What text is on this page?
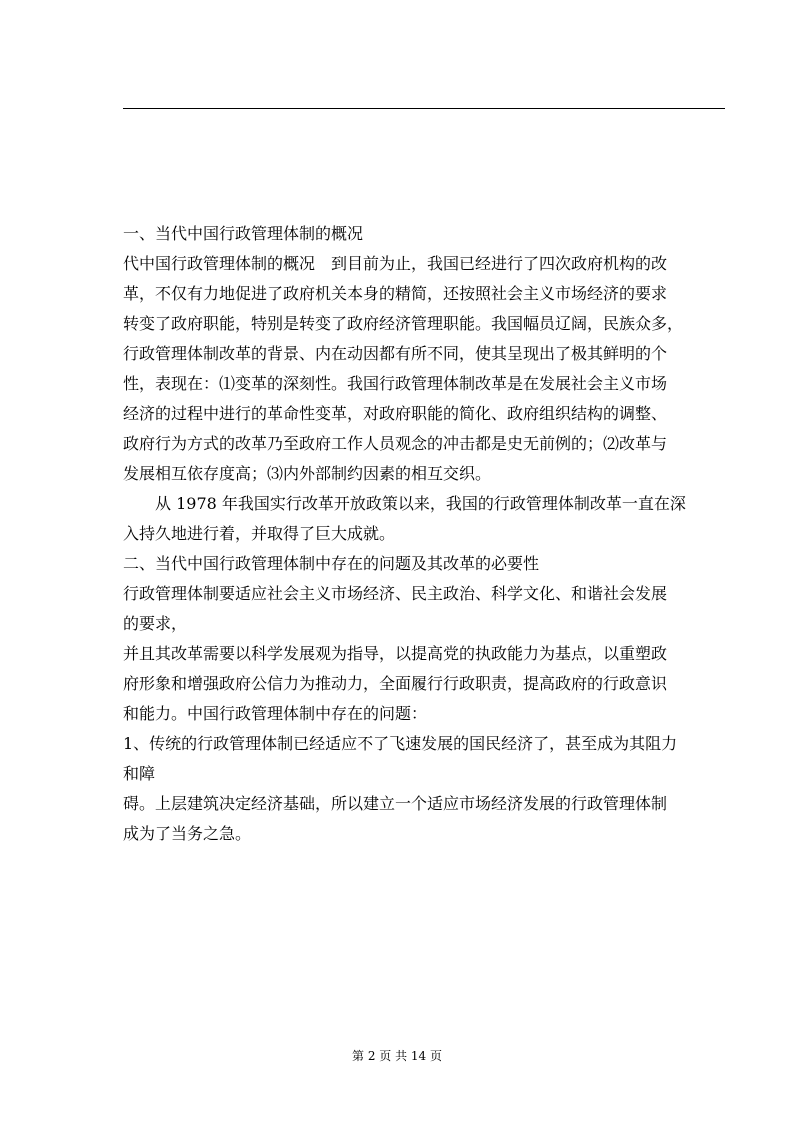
一、当代中国行政管理体制的概况
代中国行政管理体制的概况　到目前为止，我国已经进行了四次政府机构的改
革，不仅有力地促进了政府机关本身的精简，还按照社会主义市场经济的要求
转变了政府职能，特别是转变了政府经济管理职能。我国幅员辽阔，民族众多，
行政管理体制改革的背景、内在动因都有所不同，使其呈现出了极其鲜明的个
性，表现在：⑴变革的深刻性。我国行政管理体制改革是在发展社会主义市场
经济的过程中进行的革命性变革，对政府职能的简化、政府组织结构的调整、
政府行为方式的改革乃至政府工作人员观念的冲击都是史无前例的；⑵改革与
发展相互依存度高；⑶内外部制约因素的相互交织。
从 1978 年我国实行改革开放政策以来，我国的行政管理体制改革一直在深
入持久地进行着，并取得了巨大成就。
二、当代中国行政管理体制中存在的问题及其改革的必要性
行政管理体制要适应社会主义市场经济、民主政治、科学文化、和谐社会发展
的要求，
并且其改革需要以科学发展观为指导，以提高党的执政能力为基点，以重塑政
府形象和增强政府公信力为推动力，全面履行行政职责，提高政府的行政意识
和能力。中国行政管理体制中存在的问题：
1、传统的行政管理体制已经适应不了飞速发展的国民经济了，甚至成为其阻力
和障
碍。上层建筑决定经济基础，所以建立一个适应市场经济发展的行政管理体制
成为了当务之急。
第 2 页 共 14 页
